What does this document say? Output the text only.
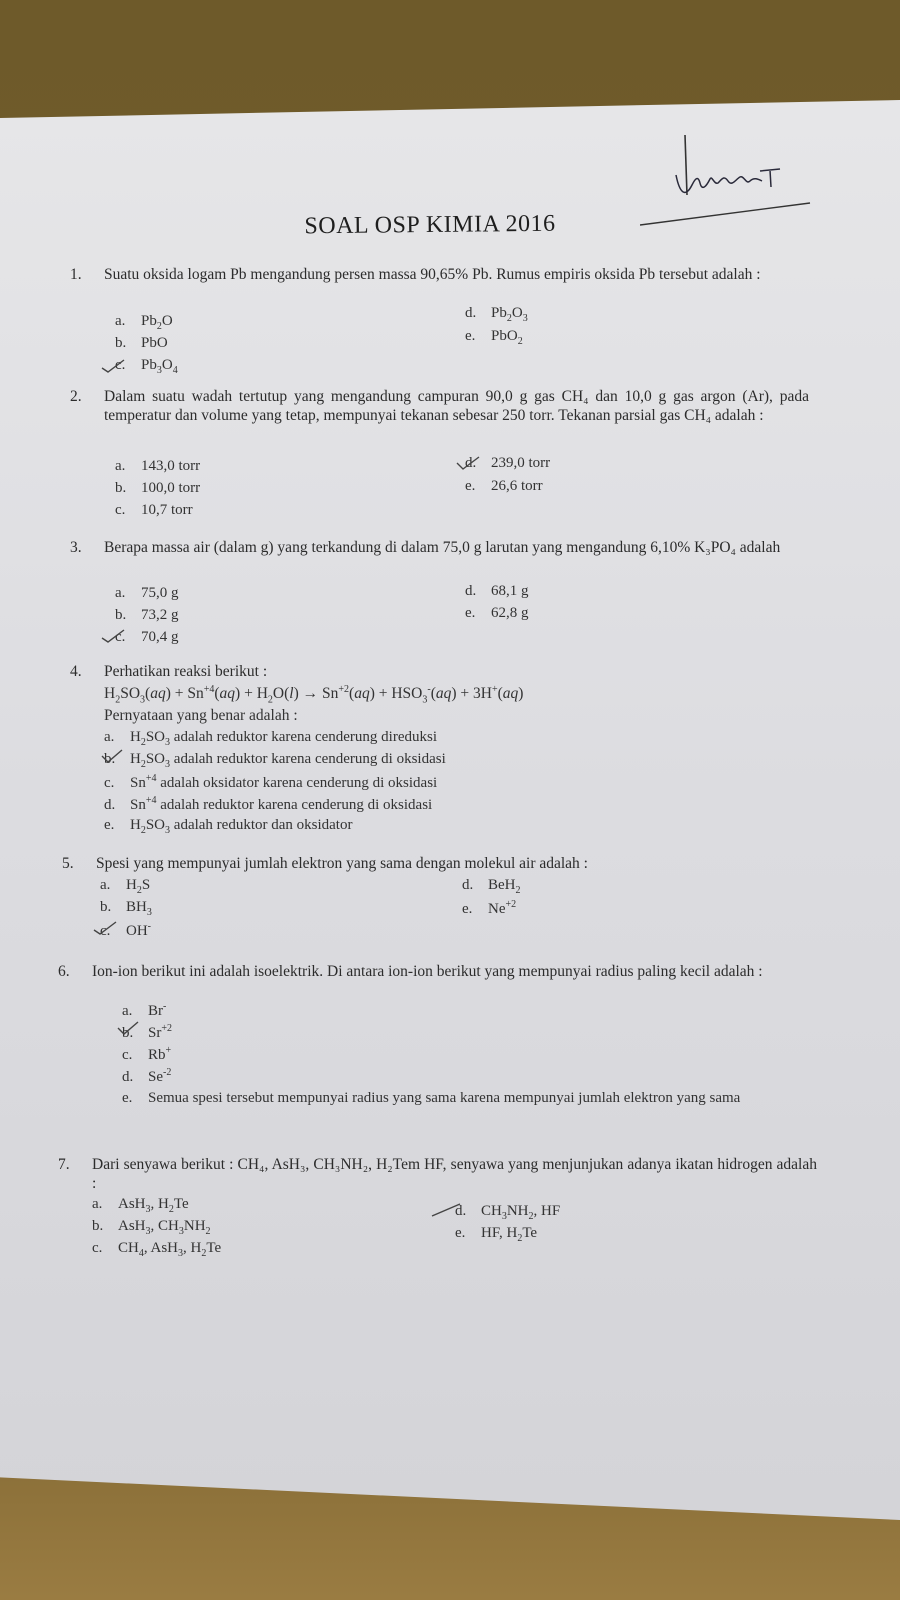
SOAL OSP KIMIA 2016
1. Suatu oksida logam Pb mengandung persen massa 90,65% Pb. Rumus empiris oksida Pb tersebut adalah :
a. $Pb_2O$
b. PbO
c. $Pb_3O_4$
d. $Pb_2O_3$
e. PbO$_2$
2. Dalam suatu wadah tertutup yang mengandung campuran 90,0 g gas CH₄ dan 10,0 g gas argon (Ar), pada temperatur dan volume yang tetap, mempunyai tekanan sebesar 250 torr. Tekanan parsial gas CH₄ adalah :
a. 143,0 torr
b. 100,0 torr
c. 10,7 torr
d. 239,0 torr
e. 26,6 torr
3. Berapa massa air (dalam g) yang terkandung di dalam 75,0 g larutan yang mengandung 6,10% K₃PO₄ adalah
a. 75,0 g
b. 73,2 g
c. 70,4 g
d. 68,1 g
e. 62,8 g
4. Perhatikan reaksi berikut :
$H_2SO_3(aq) + Sn^{+4}(aq) + H_2O(l) \to Sn^{+2}(aq) + HSO_3^-(aq) + 3H^+(aq)$
Pernyataan yang benar adalah :
a. $H_2SO_3$ adalah reduktor karena cenderung direduksi
b. $H_2SO_3$ adalah reduktor karena cenderung di oksidasi
c. $Sn^{+4}$ adalah oksidator karena cenderung di oksidasi
d. $Sn^{+4}$ adalah reduktor karena cenderung di oksidasi
e. $H_2SO_3$ adalah reduktor dan oksidator
5. Spesi yang mempunyai jumlah elektron yang sama dengan molekul air adalah :
a. $H_2S$
b. $BH_3$
c. OH-
d. BeH$_2$
e. $Ne^{+2}$
6. Ion-ion berikut ini adalah isoelektrik. Di antara ion-ion berikut yang mempunyai radius paling kecil adalah :
a. Br-
b. $Sr^{+2}$
c. Rb+
d. $Se^{-2}$
e. Semua spesi tersebut mempunyai radius yang sama karena mempunyai jumlah elektron yang sama
7. Dari senyawa berikut : CH₄, AsH₃, CH₃NH₂, H₂Tem HF, senyawa yang menjunjukan adanya ikatan hidrogen adalah :
a. AsH$_3$, $H_2Te$
b. AsH$_3$, $CH_3NH_2$
c. $CH_4$, AsH$_3$, $H_2Te$
d. $CH_3NH_2$, HF
e. HF, $H_2Te$
